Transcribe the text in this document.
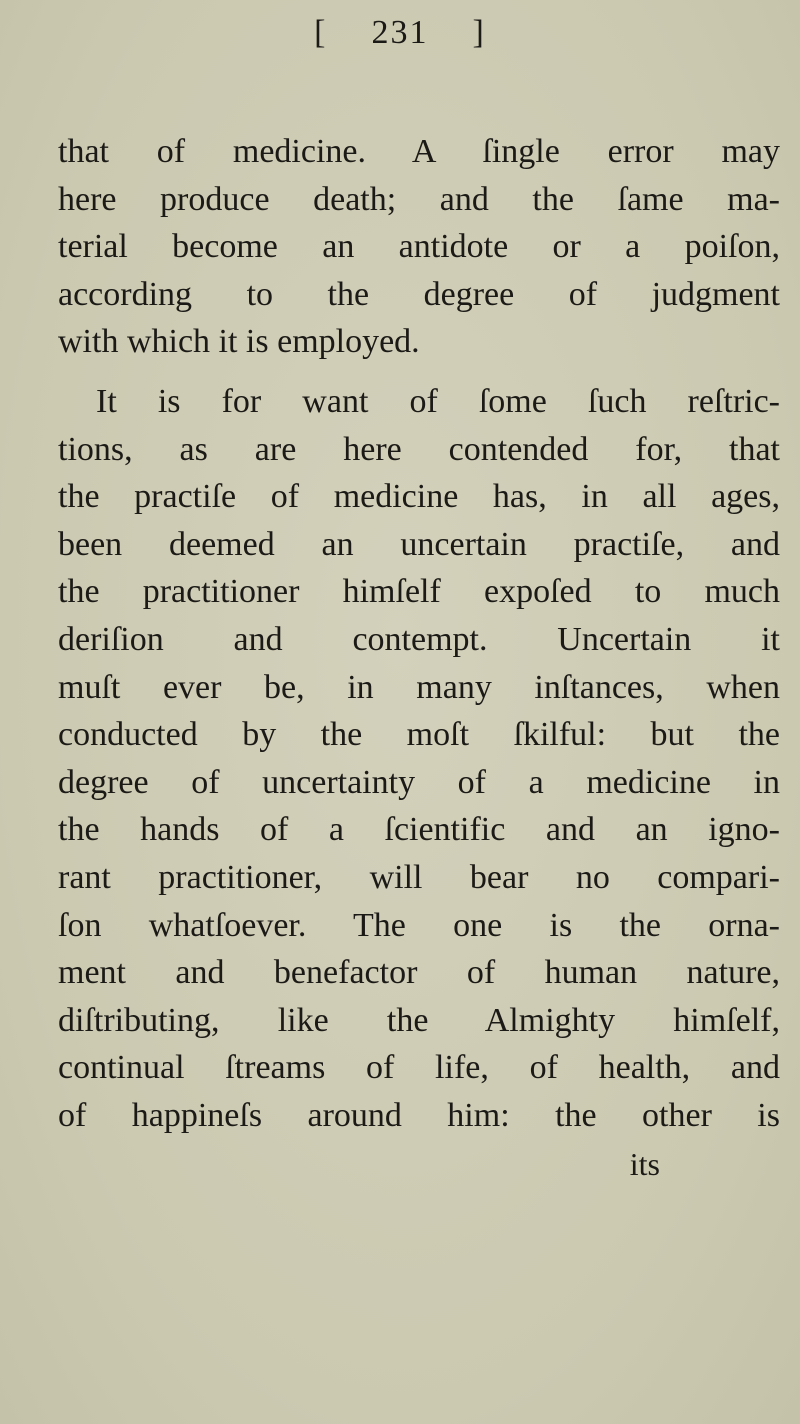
[ 231 ]
that of medicine. A ſingle error may
here produce death; and the ſame ma-
terial become an antidote or a poiſon,
according to the degree of judgment
with which it is employed.
It is for want of ſome ſuch reſtric-
tions, as are here contended for, that
the practiſe of medicine has, in all ages,
been deemed an uncertain practiſe, and
the practitioner himſelf expoſed to much
deriſion and contempt. Uncertain it
muſt ever be, in many inſtances, when
conducted by the moſt ſkilful: but the
degree of uncertainty of a medicine in
the hands of a ſcientific and an igno-
rant practitioner, will bear no compari-
ſon whatſoever. The one is the orna-
ment and benefactor of human nature,
diſtributing, like the Almighty himſelf,
continual ſtreams of life, of health, and
of happineſs around him: the other is
its
